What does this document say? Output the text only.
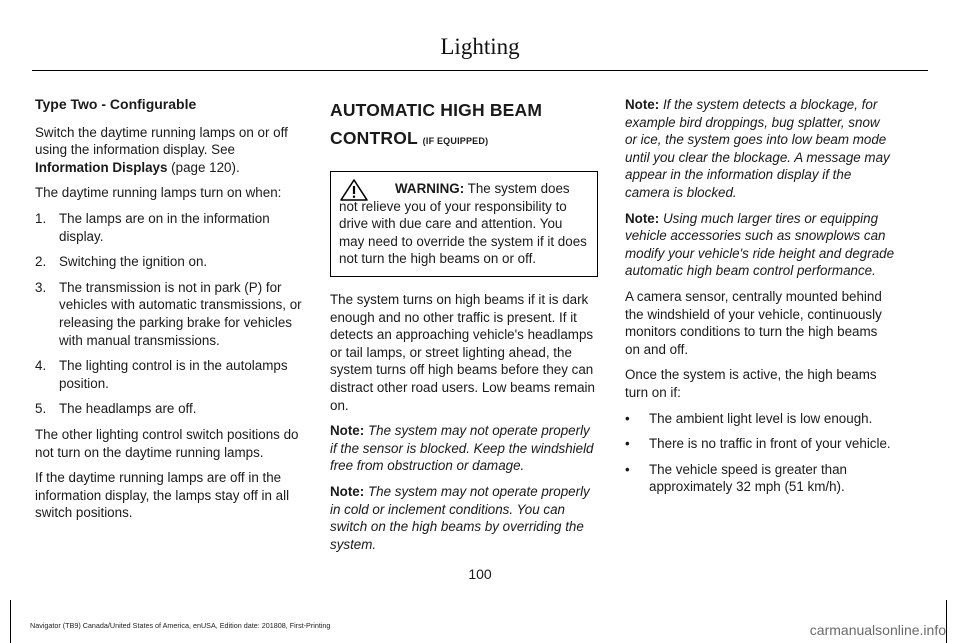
Lighting
Type Two - Configurable

Switch the daytime running lamps on or off using the information display. See Information Displays (page 120).

The daytime running lamps turn on when:

1. The lamps are on in the information display.
2. Switching the ignition on.
3. The transmission is not in park (P) for vehicles with automatic transmissions, or releasing the parking brake for vehicles with manual transmissions.
4. The lighting control is in the autolamps position.
5. The headlamps are off.

The other lighting control switch positions do not turn on the daytime running lamps.

If the daytime running lamps are off in the information display, the lamps stay off in all switch positions.

AUTOMATIC HIGH BEAM
CONTROL (IF EQUIPPED)
WARNING: The system does not relieve you of your responsibility to drive with due care and attention. You may need to override the system if it does not turn the high beams on or off.

The system turns on high beams if it is dark enough and no other traffic is present. If it detects an approaching vehicle's headlamps or tail lamps, or street lighting ahead, the system turns off high beams before they can distract other road users. Low beams remain on.

Note: The system may not operate properly if the sensor is blocked. Keep the windshield free from obstruction or damage.

Note: The system may not operate properly in cold or inclement conditions. You can switch on the high beams by overriding the system.

Note: If the system detects a blockage, for example bird droppings, bug splatter, snow or ice, the system goes into low beam mode until you clear the blockage. A message may appear in the information display if the camera is blocked.

Note: Using much larger tires or equipping vehicle accessories such as snowplows can modify your vehicle's ride height and degrade automatic high beam control performance.

A camera sensor, centrally mounted behind the windshield of your vehicle, continuously monitors conditions to turn the high beams on and off.

Once the system is active, the high beams turn on if:

• The ambient light level is low enough.
• There is no traffic in front of your vehicle.
• The vehicle speed is greater than approximately 32 mph (51 km/h).
100
Navigator (TB9) Canada/United States of America, enUSA, Edition date: 201808, First-Printing	carmanualsonline.info
